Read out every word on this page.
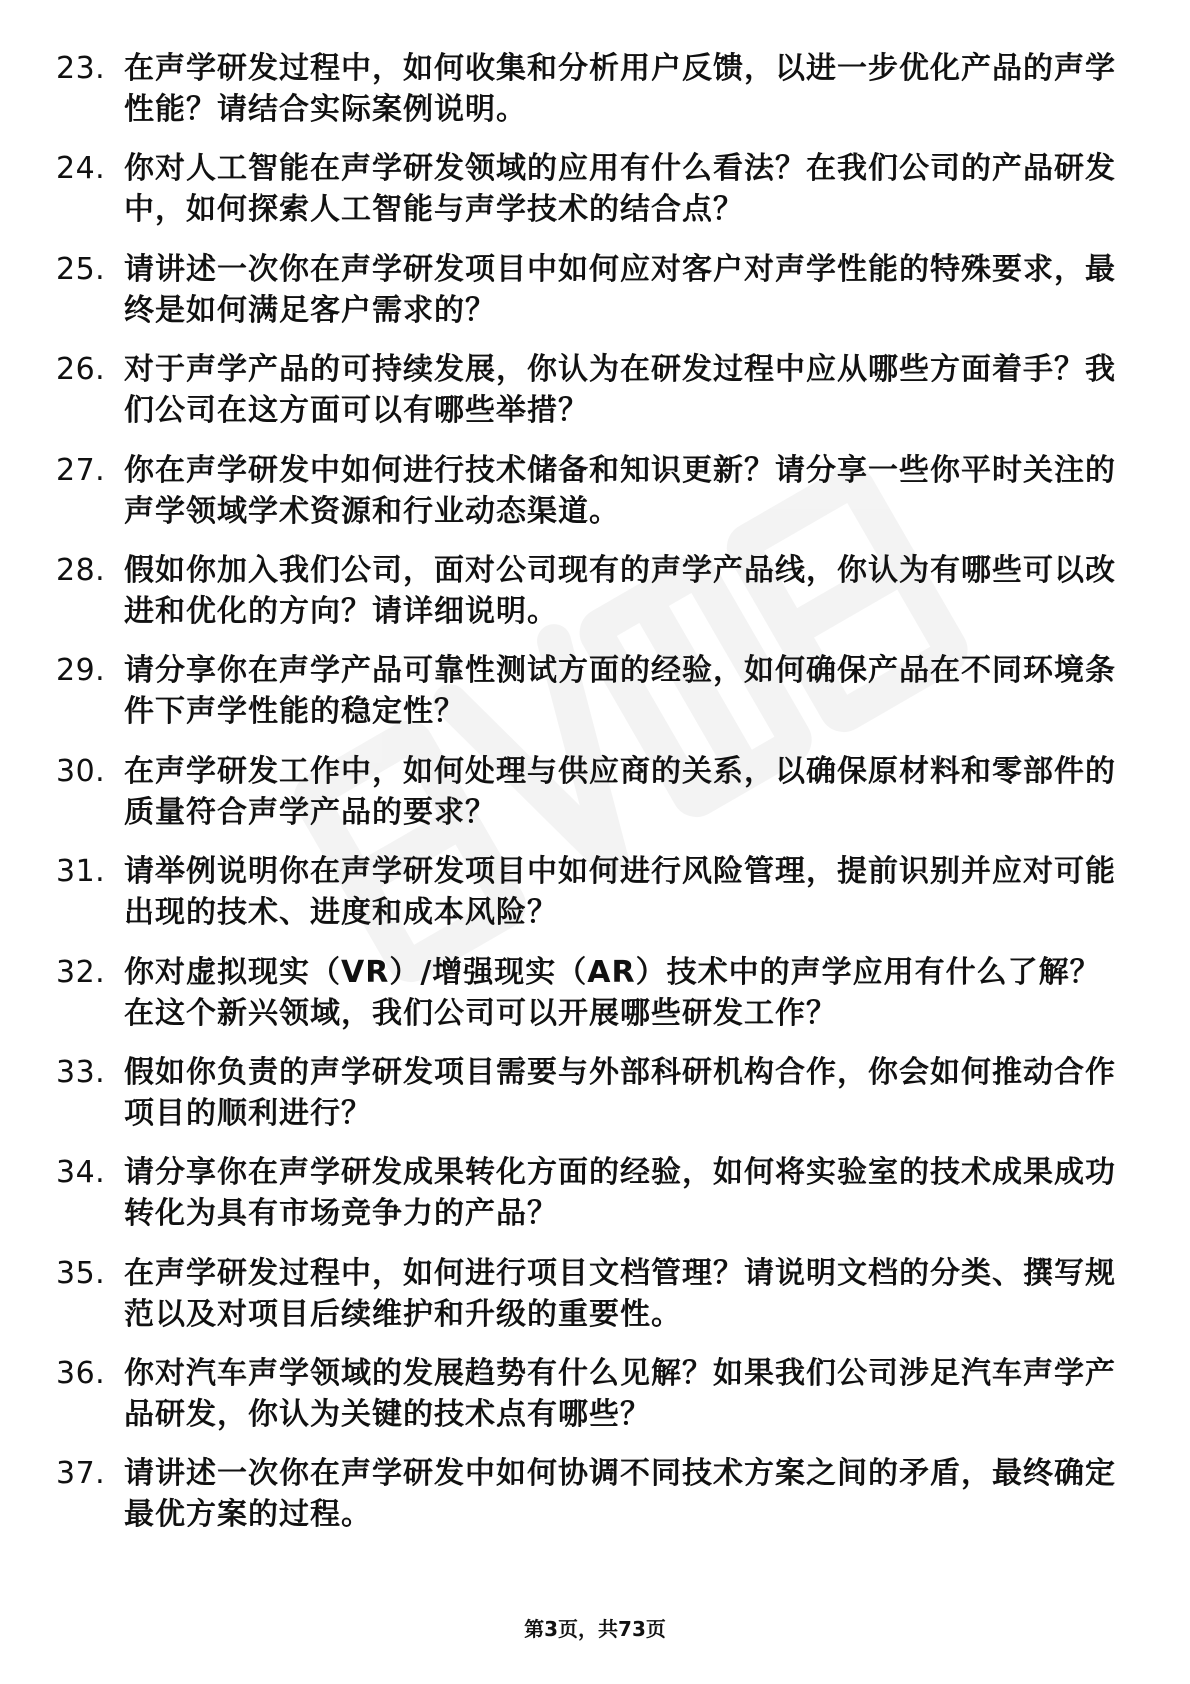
23. 在声学研发过程中，如何收集和分析用户反馈，以进一步优化产品的声学性能？请结合实际案例说明。
24. 你对人工智能在声学研发领域的应用有什么看法？在我们公司的产品研发中，如何探索人工智能与声学技术的结合点？
25. 请讲述一次你在声学研发项目中如何应对客户对声学性能的特殊要求，最终是如何满足客户需求的？
26. 对于声学产品的可持续发展，你认为在研发过程中应从哪些方面着手？我们公司在这方面可以有哪些举措？
27. 你在声学研发中如何进行技术储备和知识更新？请分享一些你平时关注的声学领域学术资源和行业动态渠道。
28. 假如你加入我们公司，面对公司现有的声学产品线，你认为有哪些可以改进和优化的方向？请详细说明。
29. 请分享你在声学产品可靠性测试方面的经验，如何确保产品在不同环境条件下声学性能的稳定性？
30. 在声学研发工作中，如何处理与供应商的关系，以确保原材料和零部件的质量符合声学产品的要求？
31. 请举例说明你在声学研发项目中如何进行风险管理，提前识别并应对可能出现的技术、进度和成本风险？
32. 你对虚拟现实（VR）/增强现实（AR）技术中的声学应用有什么了解？在这个新兴领域，我们公司可以开展哪些研发工作？
33. 假如你负责的声学研发项目需要与外部科研机构合作，你会如何推动合作项目的顺利进行？
34. 请分享你在声学研发成果转化方面的经验，如何将实验室的技术成果成功转化为具有市场竞争力的产品？
35. 在声学研发过程中，如何进行项目文档管理？请说明文档的分类、撰写规范以及对项目后续维护和升级的重要性。
36. 你对汽车声学领域的发展趋势有什么见解？如果我们公司涉足汽车声学产品研发，你认为关键的技术点有哪些？
37. 请讲述一次你在声学研发中如何协调不同技术方案之间的矛盾，最终确定最优方案的过程。
第3页，共73页
